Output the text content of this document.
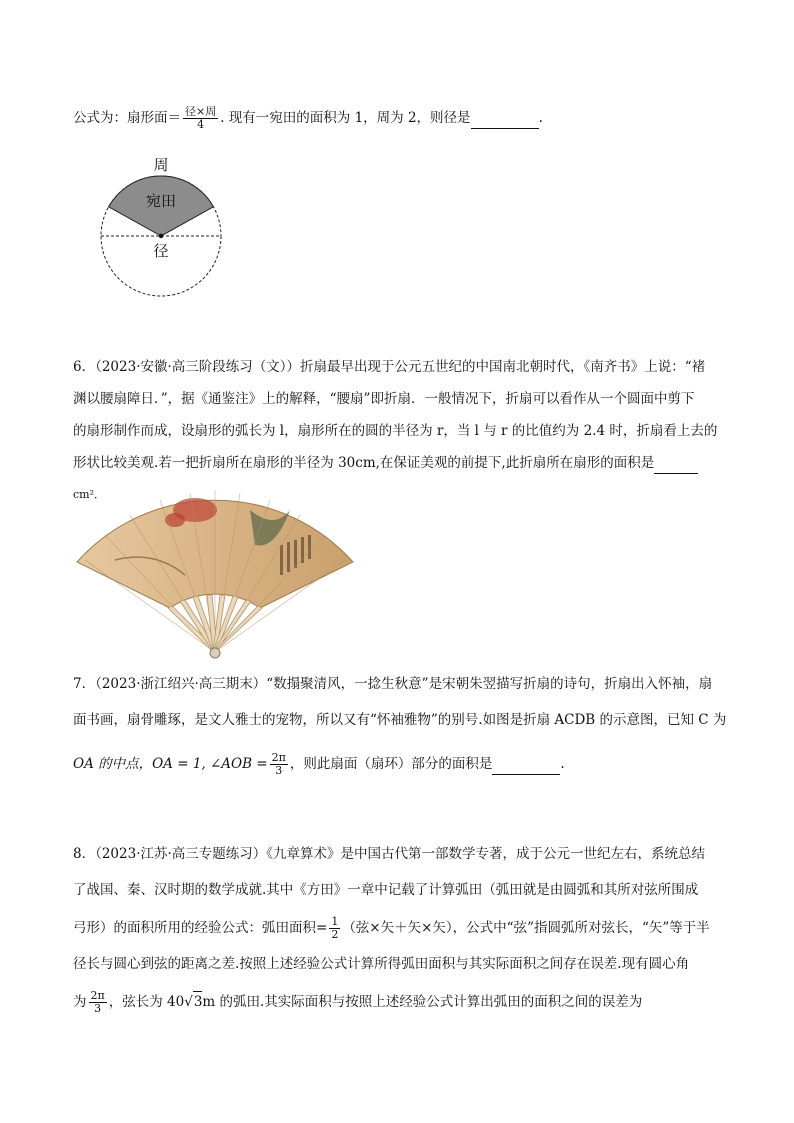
公式为：扇形面＝ $\frac{\text{径×周}}{4}$ . 现有一宛田的面积为 1，周为 2，则径是	.
周
宛田
径
6．（2023·安徽·高三阶段练习（文））折扇最早出现于公元五世纪的中国南北朝时代，《南齐书》上说：“褚
渊以腰扇障日．”，据《通鉴注》上的解释，“腰扇”即折扇．一般情况下，折扇可以看作从一个圆面中剪下
的扇形制作而成，设扇形的弧长为 l，扇形所在的圆的半径为 r，当 l 与 r 的比值约为 2.4 时，折扇看上去的
形状比较美观.若一把折扇所在扇形的半径为 30cm,在保证美观的前提下,此折扇所在扇形的面积是
cm²．
7．（2023·浙江绍兴·高三期末）“数搨聚清风，一捻生秋意”是宋朝朱翌描写折扇的诗句，折扇出入怀袖，扇
面书画，扇骨雕琢，是文人雅士的宠物，所以又有“怀袖雅物”的别号.如图是折扇 ACDB 的示意图，已知 C 为
OA 的中点，OA = 1, ∠AOB = $\frac{2\pi}{3}$ ，则此扇面（扇环）部分的面积是	.
8．（2023·江苏·高三专题练习）《九章算术》是中国古代第一部数学专著，成于公元一世纪左右，系统总结
了战国、秦、汉时期的数学成就.其中《方田》一章中记载了计算弧田（弧田就是由圆弧和其所对弦所围成
弓形）的面积所用的经验公式：弧田面积= $\frac{1}{2}$ （弦×矢＋矢×矢），公式中“弦”指圆弧所对弦长，“矢”等于半
径长与圆心到弦的距离之差.按照上述经验公式计算所得弧田面积与其实际面积之间存在误差.现有圆心角
为 $\frac{2\pi}{3}$ ，弦长为 40√3m 的弧田.其实际面积与按照上述经验公式计算出弧田的面积之间的误差为
